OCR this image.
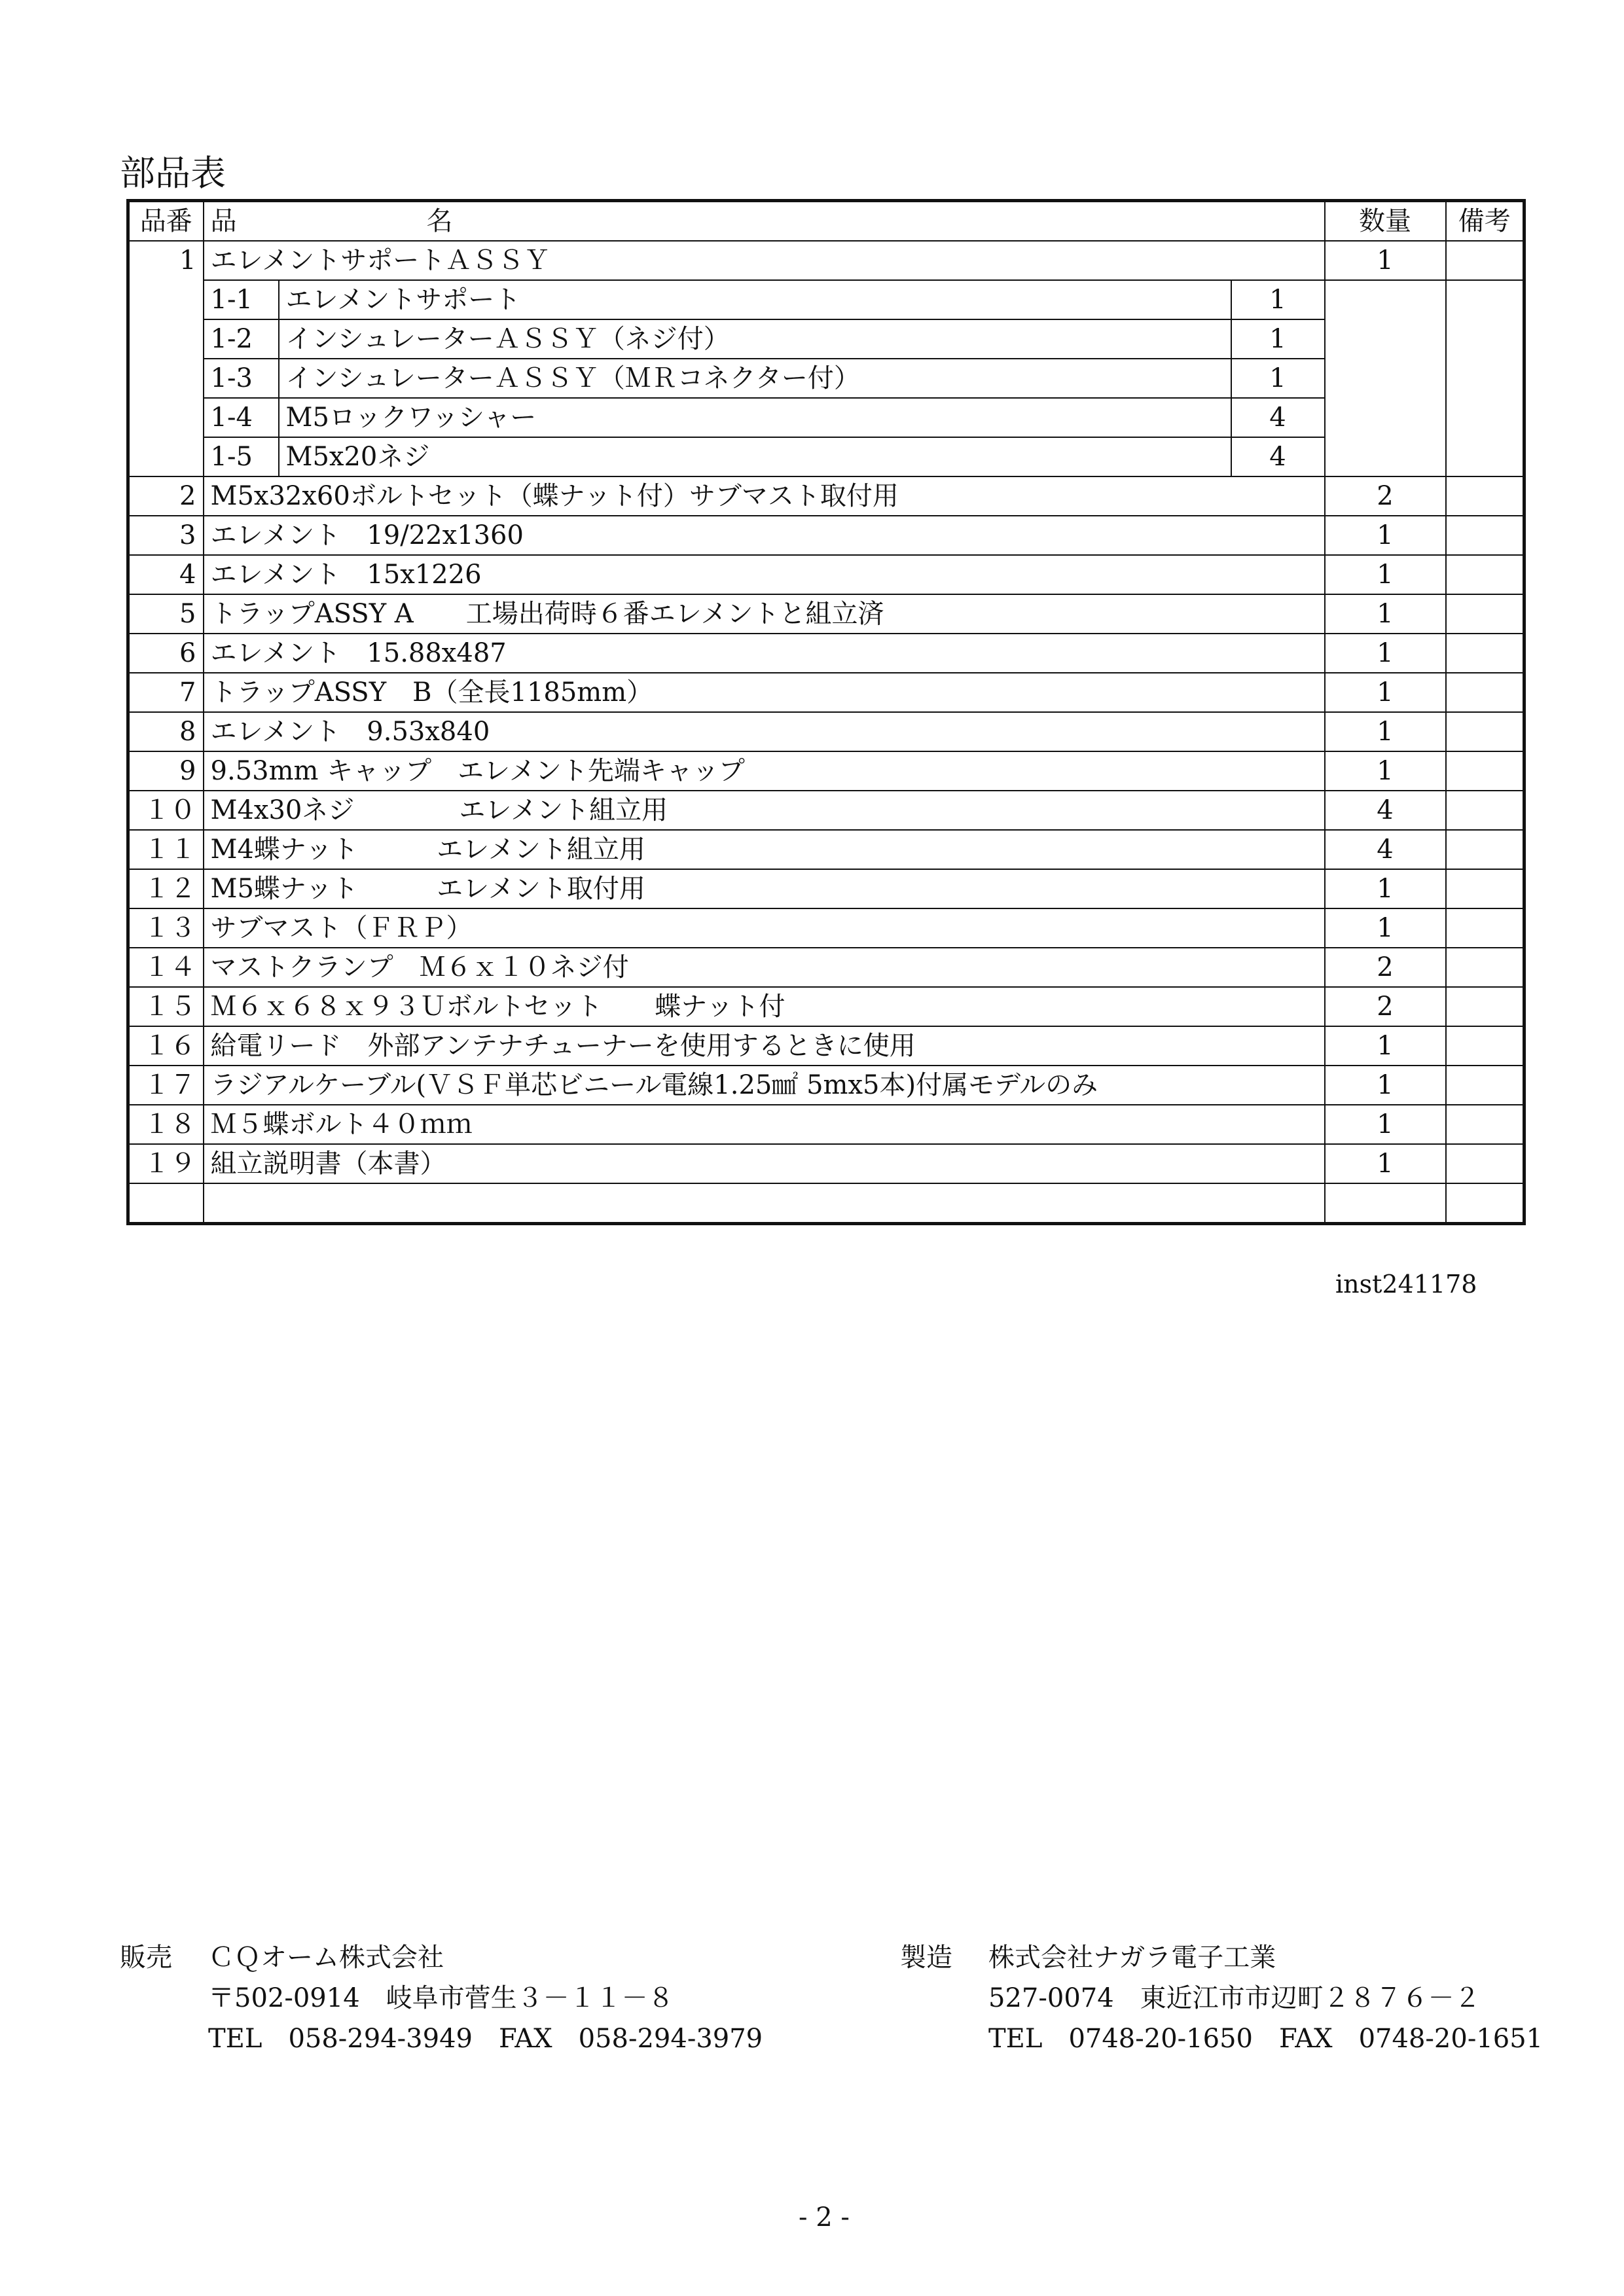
部品表
品番	品 名			数量	備考
1	エレメントサポートＡＳＳＹ			1	
	1-1	エレメントサポート	1		
	1-2	インシュレーターＡＳＳＹ（ネジ付）	1		
	1-3	インシュレーターＡＳＳＹ（ＭＲコネクター付）	1		
	1-4	M5ロックワッシャー	4		
	1-5	M5x20ネジ	4		
2	M5x32x60ボルトセット（蝶ナット付）サブマスト取付用			2	
3	エレメント　19/22x1360			1	
4	エレメント　15x1226			1	
5	トラップASSY A　　工場出荷時６番エレメントと組立済			1	
6	エレメント　15.88x487			1	
7	トラップASSY　B（全長1185mm）			1	
8	エレメント　9.53x840			1	
9	9.53mm キャップ　エレメント先端キャップ			1	
１０	M4x30ネジ　　　　エレメント組立用			4	
１１	M4蝶ナット　　　エレメント組立用			4	
１２	M5蝶ナット　　　エレメント取付用			1	
１３	サブマスト（ＦＲＰ）			1	
１４	マストクランプ　Ｍ６ｘ１０ネジ付			2	
１５	Ｍ６ｘ６８ｘ９３Ｕボルトセット　　蝶ナット付			2	
１６	給電リード　外部アンテナチューナーを使用するときに使用			1	
１７	ラジアルケーブル(ＶＳＦ単芯ビニール電線1.25㎟ 5mx5本)付属モデルのみ			1	
１８	Ｍ５蝶ボルト４０ｍｍ			1	
１９	組立説明書（本書）			1	

inst241178
販売	ＣＱオーム株式会社
〒502-0914　岐阜市菅生３－１１－８
TEL　058-294-3949　FAX　058-294-3979
製造	株式会社ナガラ電子工業
527-0074　東近江市市辺町２８７６－２
TEL　0748-20-1650　FAX　0748-20-1651
- 2 -
